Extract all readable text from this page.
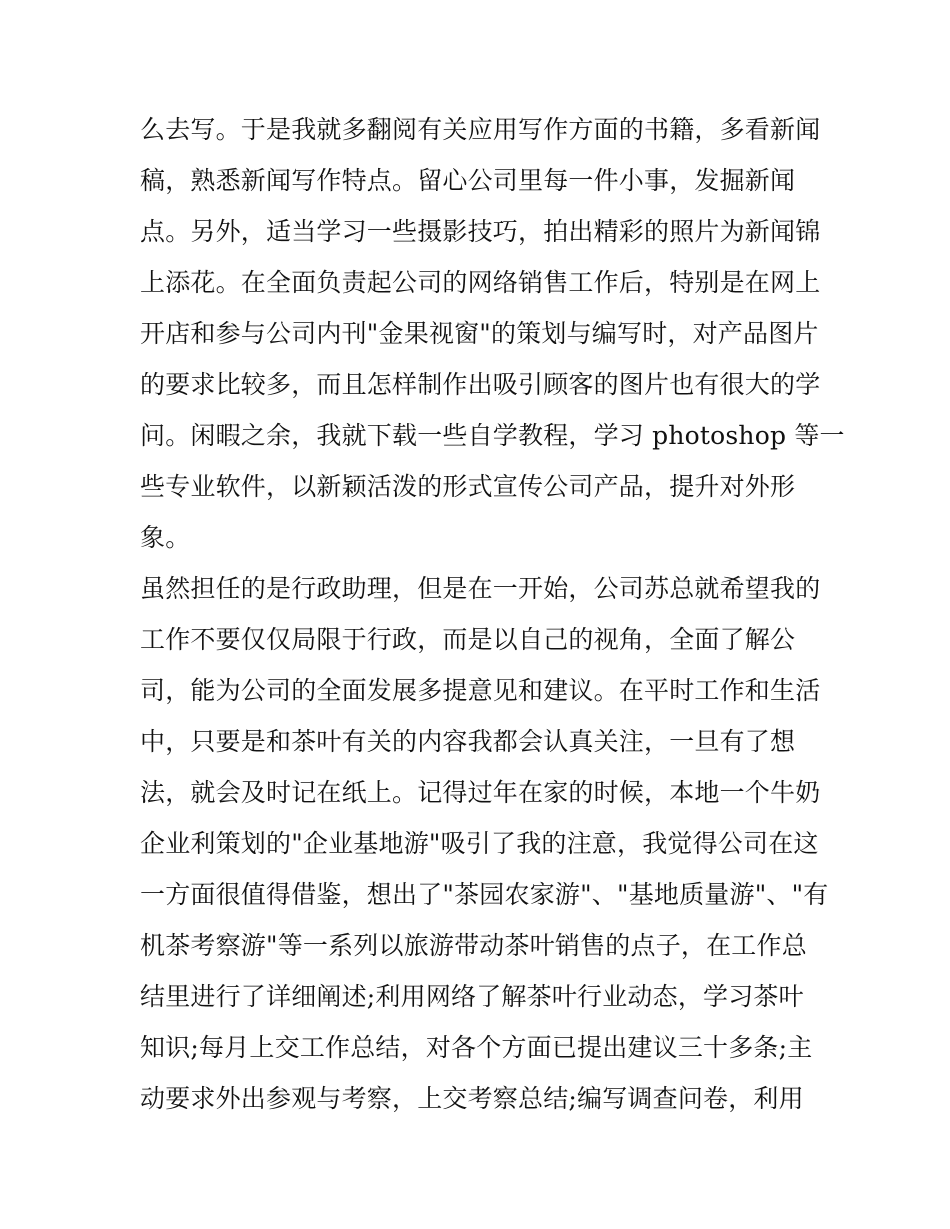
么去写。于是我就多翻阅有关应用写作方面的书籍，多看新闻
稿，熟悉新闻写作特点。留心公司里每一件小事，发掘新闻
点。另外，适当学习一些摄影技巧，拍出精彩的照片为新闻锦
上添花。在全面负责起公司的网络销售工作后，特别是在网上
开店和参与公司内刊"金果视窗"的策划与编写时，对产品图片
的要求比较多，而且怎样制作出吸引顾客的图片也有很大的学
问。闲暇之余，我就下载一些自学教程，学习 photoshop 等一
些专业软件，以新颖活泼的形式宣传公司产品，提升对外形
象。
虽然担任的是行政助理，但是在一开始，公司苏总就希望我的
工作不要仅仅局限于行政，而是以自己的视角，全面了解公
司，能为公司的全面发展多提意见和建议。在平时工作和生活
中，只要是和茶叶有关的内容我都会认真关注，一旦有了想
法，就会及时记在纸上。记得过年在家的时候，本地一个牛奶
企业利策划的"企业基地游"吸引了我的注意，我觉得公司在这
一方面很值得借鉴，想出了"茶园农家游"、"基地质量游"、"有
机茶考察游"等一系列以旅游带动茶叶销售的点子，在工作总
结里进行了详细阐述;利用网络了解茶叶行业动态，学习茶叶
知识;每月上交工作总结，对各个方面已提出建议三十多条;主
动要求外出参观与考察，上交考察总结;编写调查问卷，利用
